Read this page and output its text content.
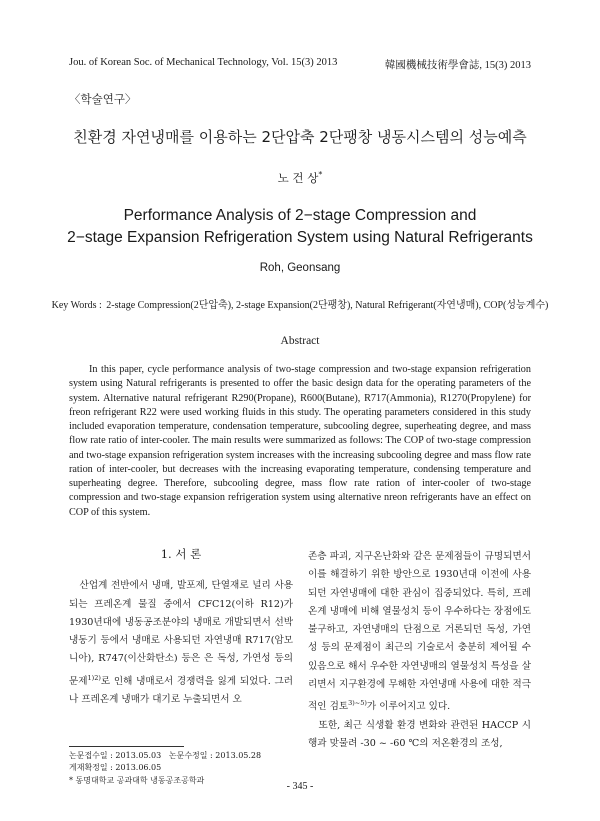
Jou. of Korean Soc. of Mechanical Technology, Vol. 15(3) 2013	韓國機械技術學會誌, 15(3) 2013
〈학술연구〉
친환경 자연냉매를 이용하는 2단압축 2단팽창 냉동시스템의 성능예측
노 건 상*
Performance Analysis of 2−stage Compression and
2−stage Expansion Refrigeration System using Natural Refrigerants
Roh, Geonsang
Key Words : 2-stage Compression(2단압축), 2-stage Expansion(2단팽창), Natural Refrigerant(자연냉매), COP(성능계수)
Abstract

In this paper, cycle performance analysis of two-stage compression and two-stage expansion refrigeration system using Natural refrigerants is presented to offer the basic design data for the operating parameters of the system. Alternative natural refrigerant R290(Propane), R600(Butane), R717(Ammonia), R1270(Propylene) for freon refrigerant R22 were used working fluids in this study. The operating parameters considered in this study included evaporation temperature, condensation temperature, subcooling degree, superheating degree, and mass flow rate ratio of inter-cooler. The main results were summarized as follows: The COP of two-stage compression and two-stage expansion refrigeration system increases with the increasing subcooling degree and mass flow rate ration of inter-cooler, but decreases with the increasing evaporating temperature, condensing temperature and superheating degree. Therefore, subcooling degree, mass flow rate ration of inter-cooler of two-stage compression and two-stage expansion refrigeration system using alternative nreon refrigerants have an effect on COP of this system.

1. 서 론

산업계 전반에서 냉매, 발포제, 단열재로 널리 사용되는 프레온계 물질 중에서 CFC12(이하 R12)가 1930년대에 냉동공조분야의 냉매로 개발되면서 선박냉동기 등에서 냉매로 사용되던 자연냉매 R717(암모니아), R747(이산화탄소) 등은 은 독성, 가연성 등의 문제$^{1)2)}$로 인해 냉매로서 경쟁력을 잃게 되었다. 그러나 프레온계 냉매가 대기로 누출되면서 오

존층 파괴, 지구온난화와 같은 문제점들이 규명되면서 이를 해결하기 위한 방안으로 1930년대 이전에 사용되던 자연냉매에 대한 관심이 집중되었다. 특히, 프레온계 냉매에 비해 열물성치 등이 우수하다는 장점에도 불구하고, 자연냉매의 단점으로 거론되던 독성, 가연성 등의 문제점이 최근의 기술로서 충분히 제어될 수 있음으로 해서 우수한 자연냉매의 열물성치 특성을 살리면서 지구환경에 무해한 자연냉매 사용에 대한 적극적인 검토$^{3)\sim 5)}$가 이루어지고 있다.

또한, 최근 식생활 환경 변화와 관련된 HACCP 시행과 맞물려 -30 ~ -60 ℃의 저온환경의 조성,

논문접수일 : 2013.05.03 논문수정일 : 2013.05.28
게재확정일 : 2013.06.05
* 동명대학교 공과대학 냉동공조공학과
- 345 -
